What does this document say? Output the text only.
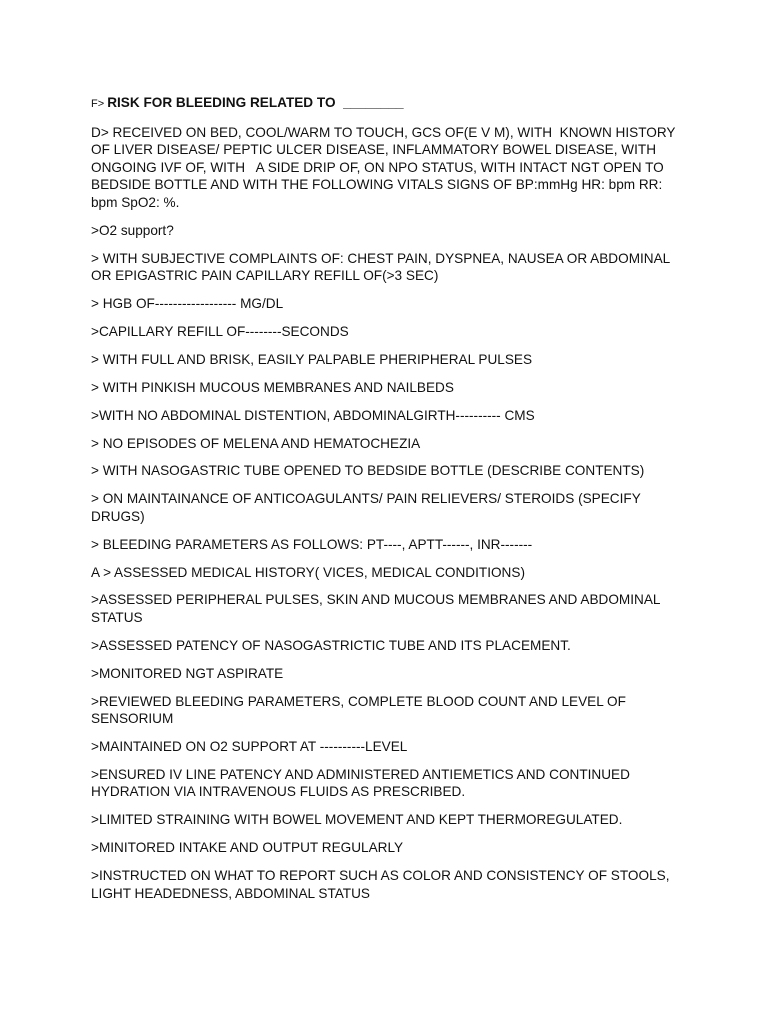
F> RISK FOR BLEEDING RELATED TO  ________

D> RECEIVED ON BED, COOL/WARM TO TOUCH, GCS OF(E V M), WITH  KNOWN HISTORY OF LIVER DISEASE/ PEPTIC ULCER DISEASE, INFLAMMATORY BOWEL DISEASE, WITH ONGOING IVF OF, WITH   A SIDE DRIP OF, ON NPO STATUS, WITH INTACT NGT OPEN TO BEDSIDE BOTTLE AND WITH THE FOLLOWING VITALS SIGNS OF BP:mmHg HR: bpm RR: bpm SpO2: %.

>O2 support?

> WITH SUBJECTIVE COMPLAINTS OF: CHEST PAIN, DYSPNEA, NAUSEA OR ABDOMINAL OR EPIGASTRIC PAIN CAPILLARY REFILL OF(>3 SEC)

> HGB OF------------------ MG/DL

>CAPILLARY REFILL OF--------SECONDS

> WITH FULL AND BRISK, EASILY PALPABLE PHERIPHERAL PULSES

> WITH PINKISH MUCOUS MEMBRANES AND NAILBEDS

>WITH NO ABDOMINAL DISTENTION, ABDOMINALGIRTH---------- CMS

> NO EPISODES OF MELENA AND HEMATOCHEZIA

> WITH NASOGASTRIC TUBE OPENED TO BEDSIDE BOTTLE (DESCRIBE CONTENTS)

> ON MAINTAINANCE OF ANTICOAGULANTS/ PAIN RELIEVERS/ STEROIDS (SPECIFY DRUGS)

> BLEEDING PARAMETERS AS FOLLOWS: PT----, APTT------, INR-------

A > ASSESSED MEDICAL HISTORY( VICES, MEDICAL CONDITIONS)

>ASSESSED PERIPHERAL PULSES, SKIN AND MUCOUS MEMBRANES AND ABDOMINAL STATUS

>ASSESSED PATENCY OF NASOGASTRICTIC TUBE AND ITS PLACEMENT.

>MONITORED NGT ASPIRATE

>REVIEWED BLEEDING PARAMETERS, COMPLETE BLOOD COUNT AND LEVEL OF SENSORIUM

>MAINTAINED ON O2 SUPPORT AT ----------LEVEL

>ENSURED IV LINE PATENCY AND ADMINISTERED ANTIEMETICS AND CONTINUED HYDRATION VIA INTRAVENOUS FLUIDS AS PRESCRIBED.

>LIMITED STRAINING WITH BOWEL MOVEMENT AND KEPT THERMOREGULATED.

>MINITORED INTAKE AND OUTPUT REGULARLY

>INSTRUCTED ON WHAT TO REPORT SUCH AS COLOR AND CONSISTENCY OF STOOLS, LIGHT HEADEDNESS, ABDOMINAL STATUS
